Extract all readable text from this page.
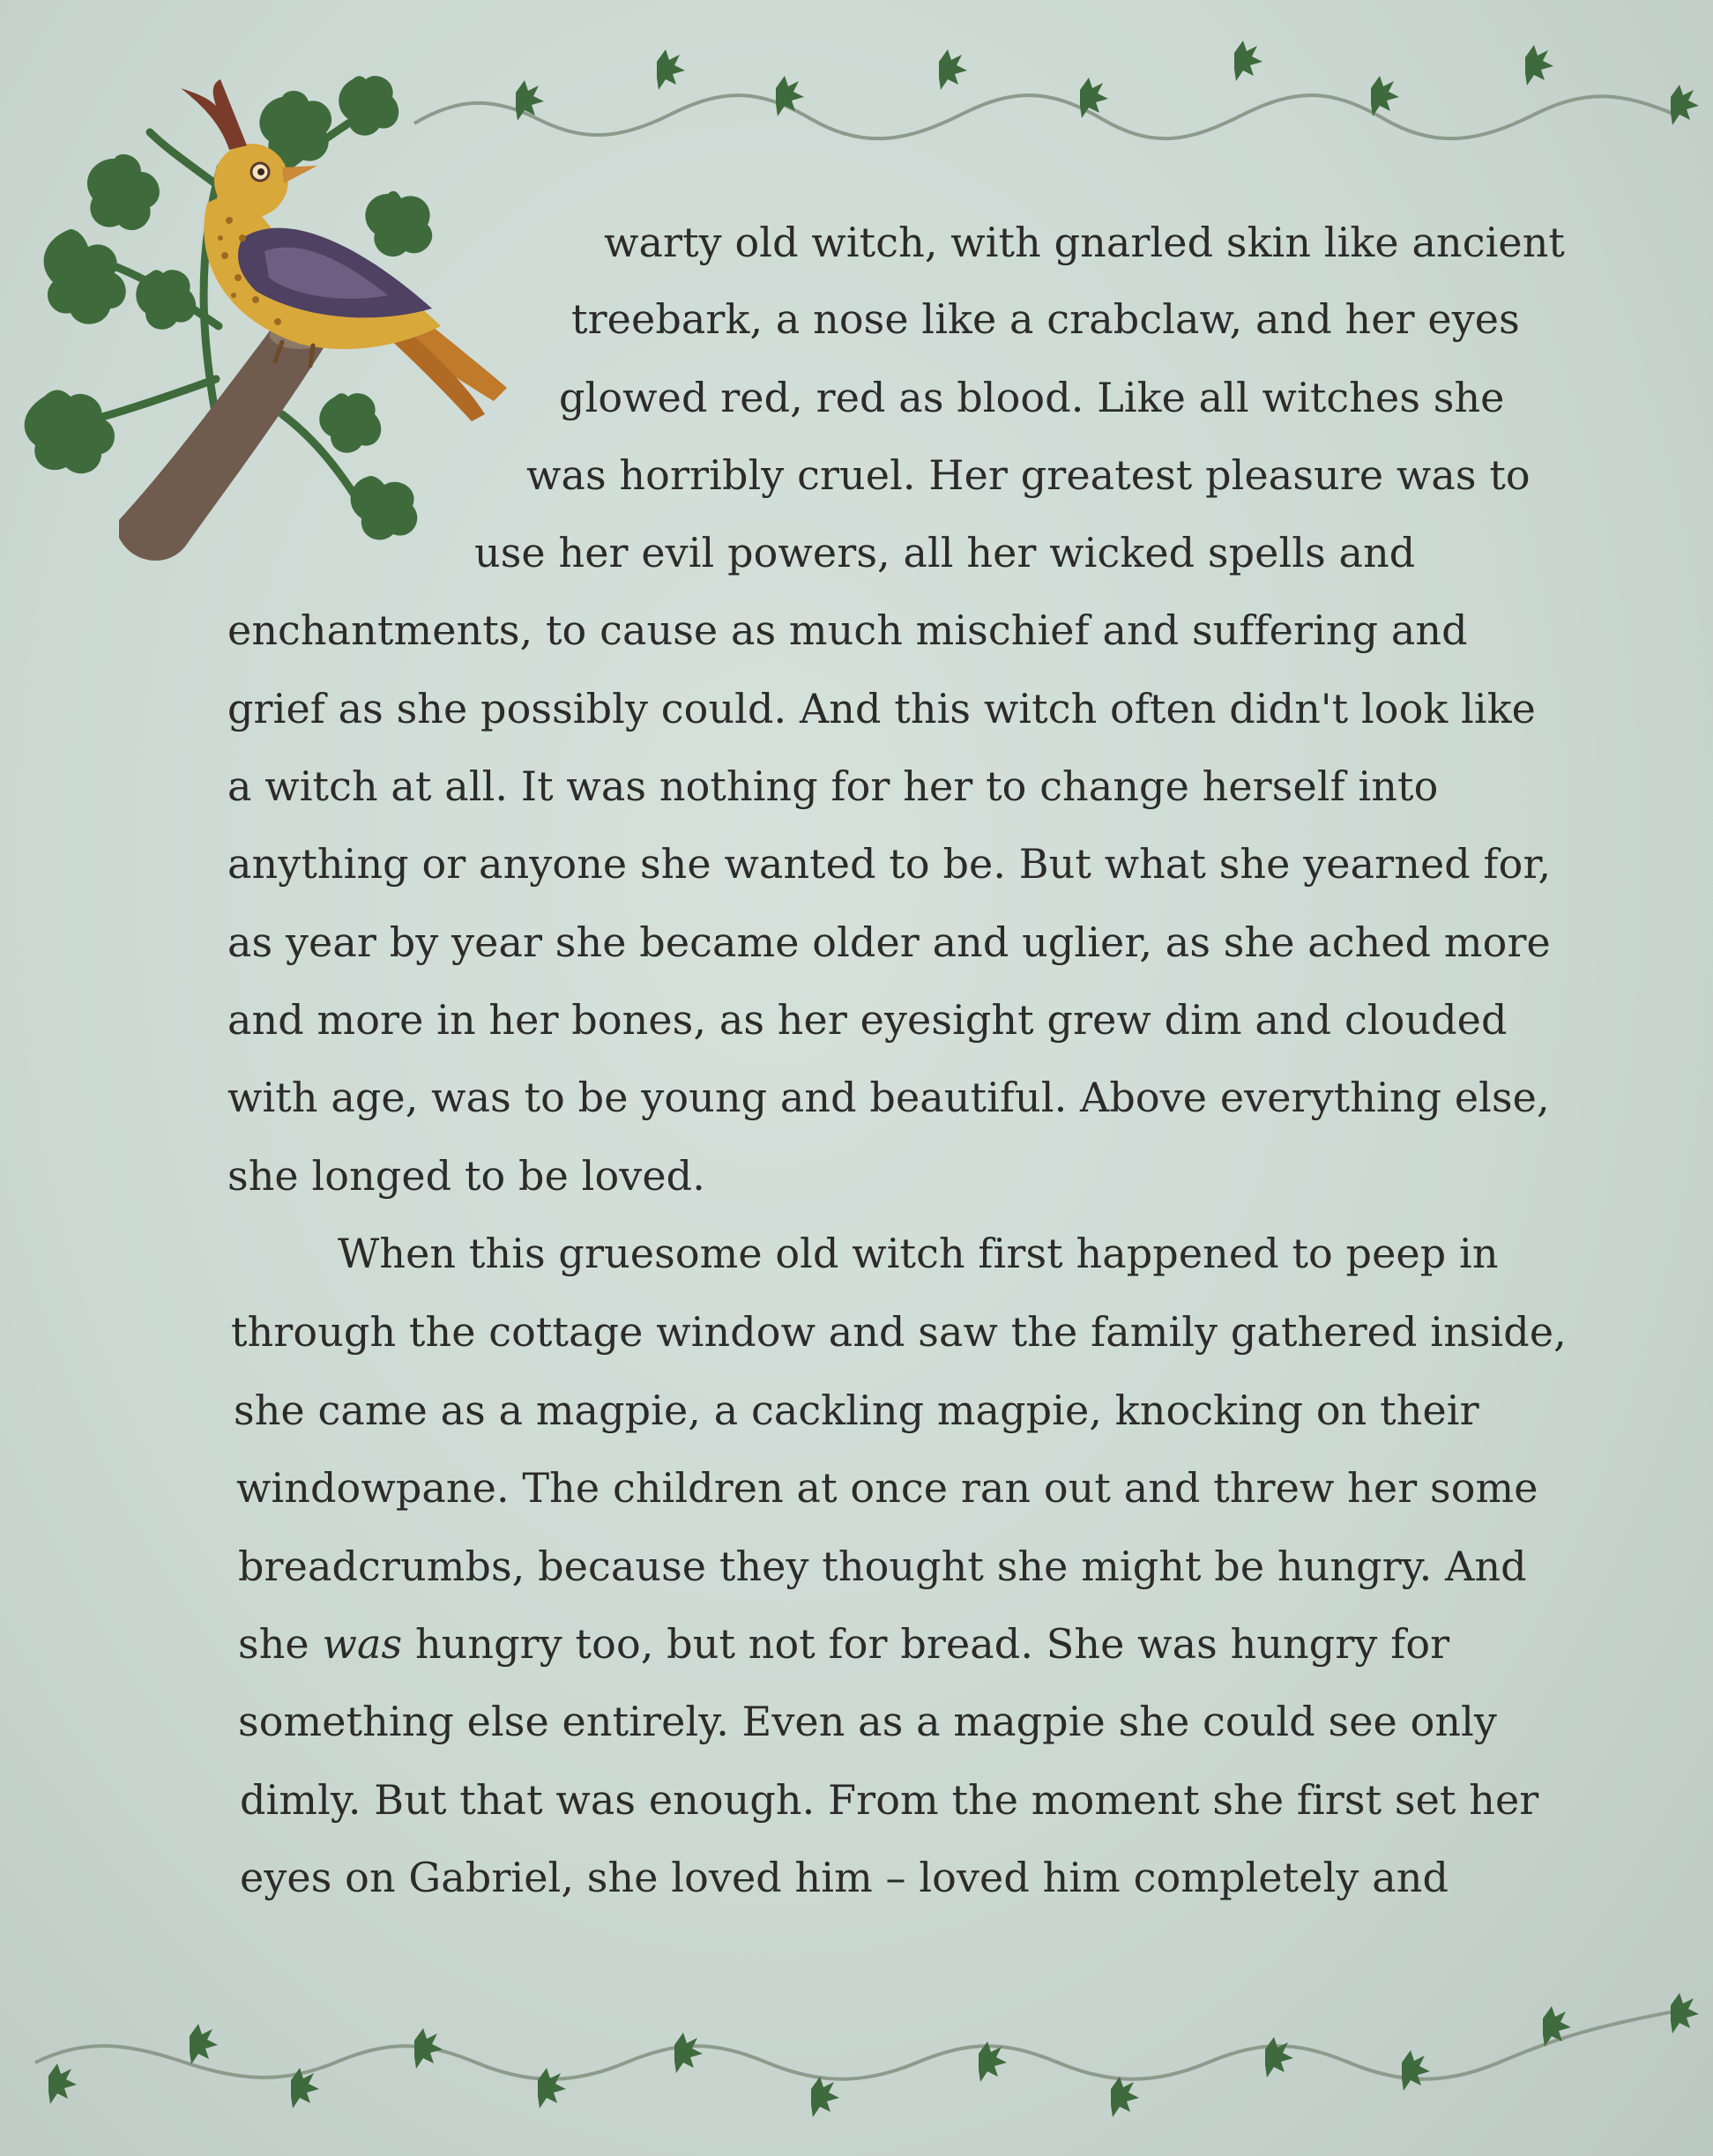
warty old witch, with gnarled skin like ancient
treebark, a nose like a crabclaw, and her eyes
glowed red, red as blood. Like all witches she
was horribly cruel. Her greatest pleasure was to
use her evil powers, all her wicked spells and
enchantments, to cause as much mischief and suffering and
grief as she possibly could. And this witch often didn't look like
a witch at all. It was nothing for her to change herself into
anything or anyone she wanted to be. But what she yearned for,
as year by year she became older and uglier, as she ached more
and more in her bones, as her eyesight grew dim and clouded
with age, was to be young and beautiful. Above everything else,
she longed to be loved.
When this gruesome old witch first happened to peep in
through the cottage window and saw the family gathered inside,
she came as a magpie, a cackling magpie, knocking on their
windowpane. The children at once ran out and threw her some
breadcrumbs, because they thought she might be hungry. And
she was hungry too, but not for bread. She was hungry for
something else entirely. Even as a magpie she could see only
dimly. But that was enough. From the moment she first set her
eyes on Gabriel, she loved him – loved him completely and
